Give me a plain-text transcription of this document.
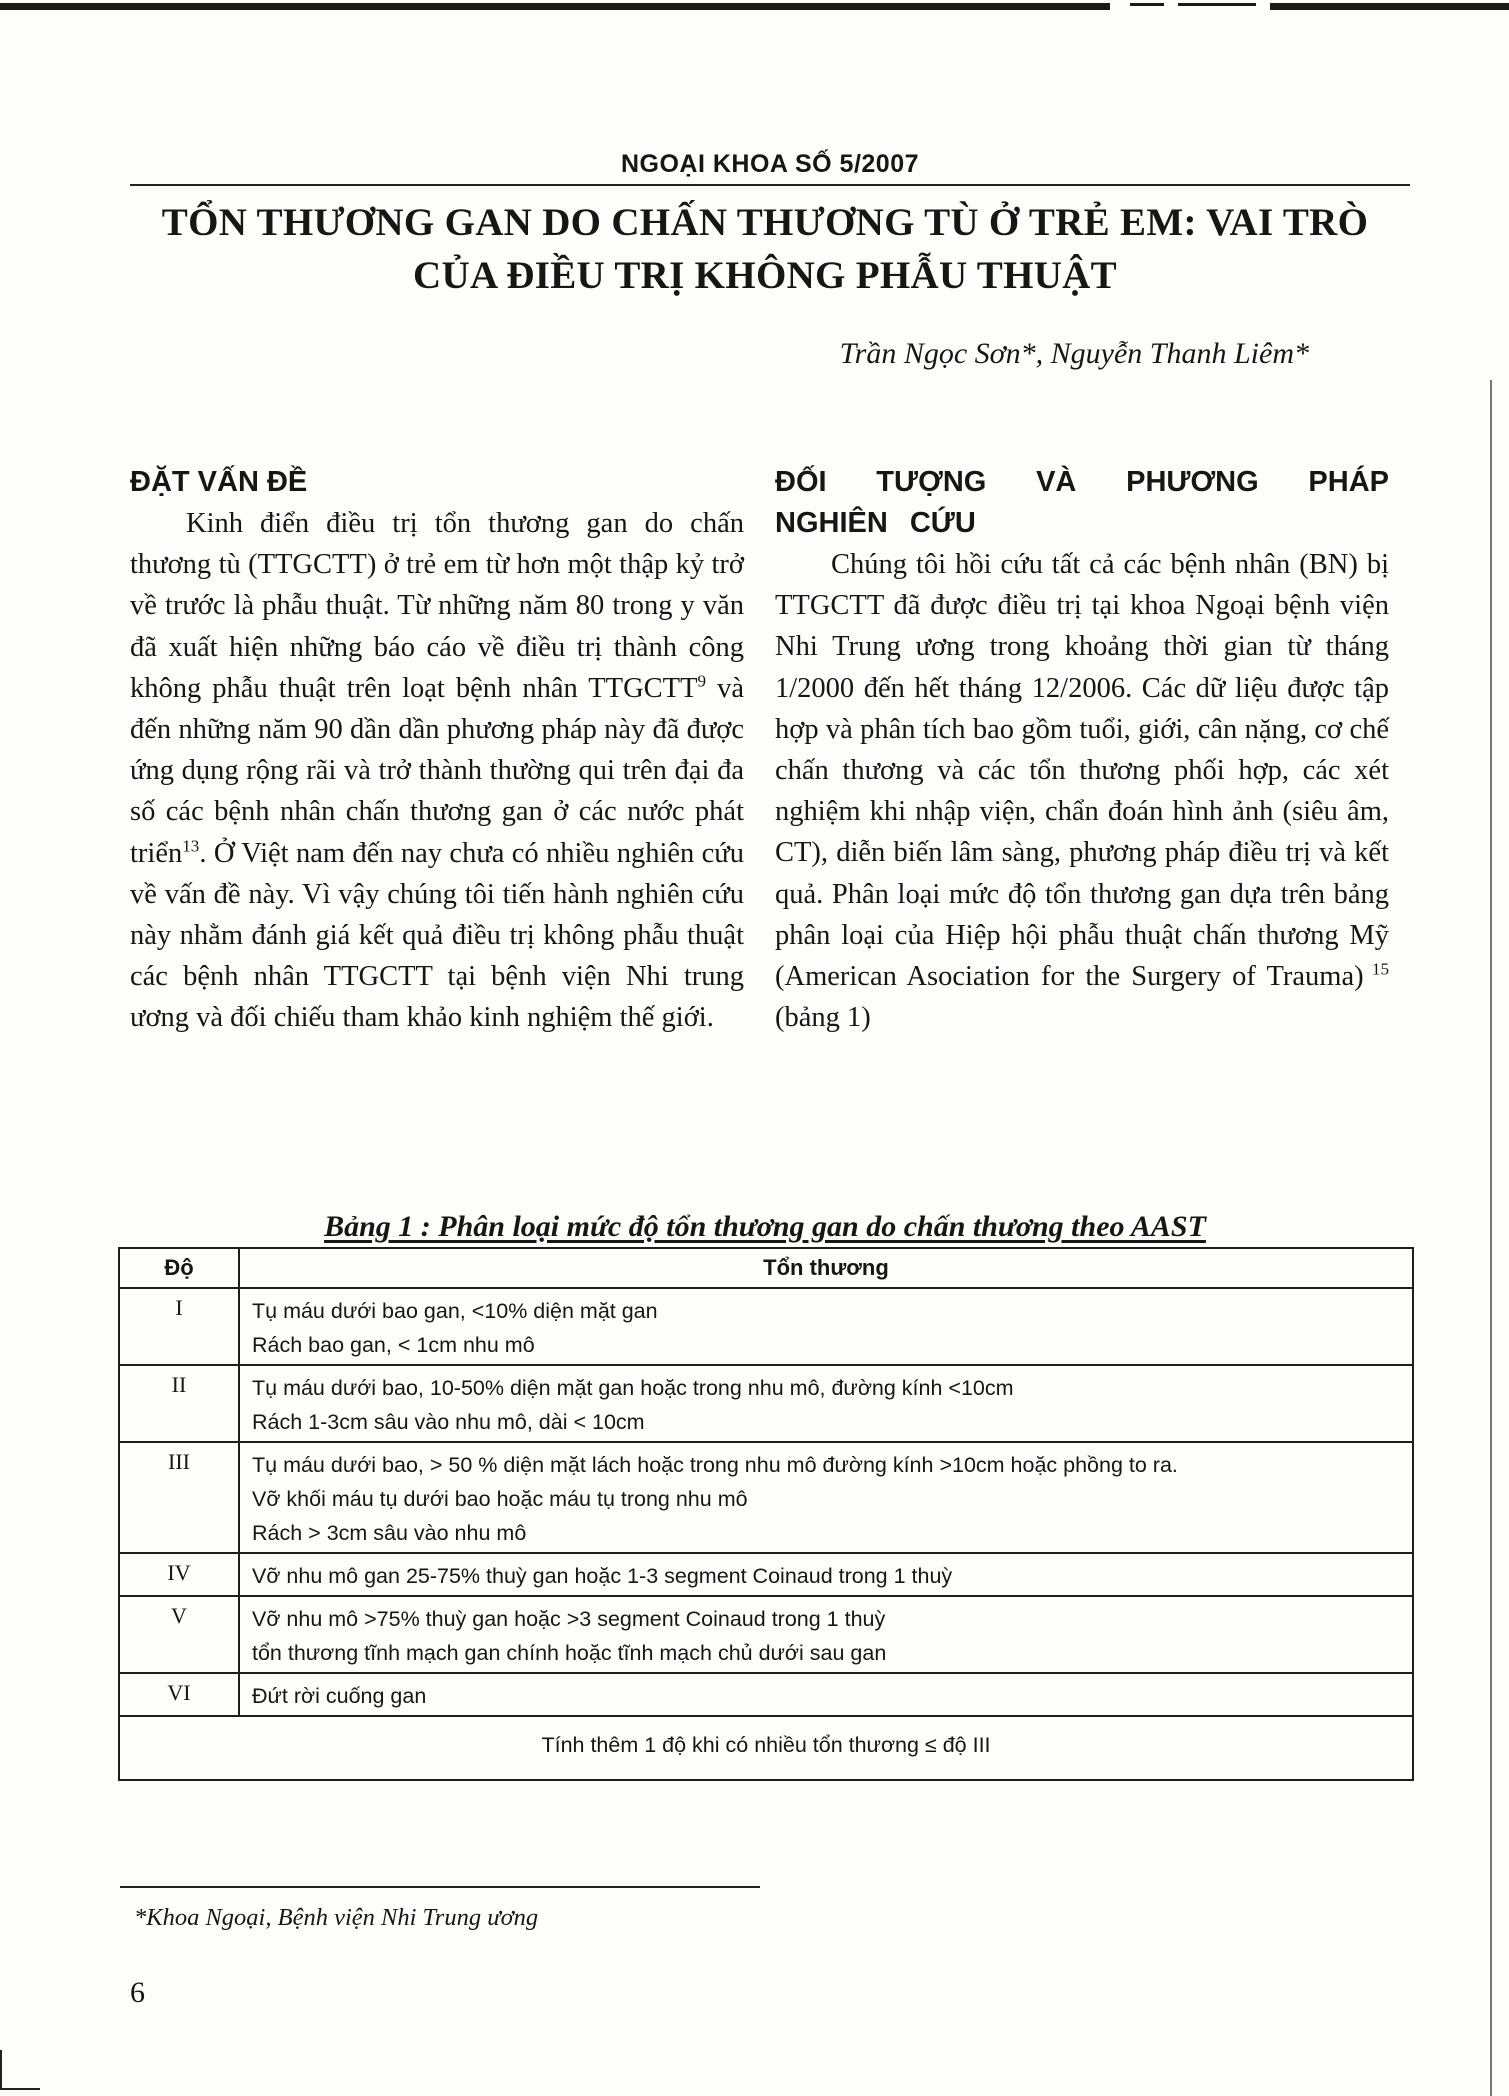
NGOẠI KHOA SỐ 5/2007
TỔN THƯƠNG GAN DO CHẤN THƯƠNG TÙ Ở TRẺ EM: VAI TRÒ
CỦA ĐIỀU TRỊ KHÔNG PHẪU THUẬT
Trần Ngọc Sơn*, Nguyễn Thanh Liêm*
ĐẶT VẤN ĐỀ

Kinh điển điều trị tổn thương gan do chấn thương tù (TTGCTT) ở trẻ em từ hơn một thập kỷ trở về trước là phẫu thuật. Từ những năm 80 trong y văn đã xuất hiện những báo cáo về điều trị thành công không phẫu thuật trên loạt bệnh nhân TTGCTT$^9$ và đến những năm 90 dần dần phương pháp này đã được ứng dụng rộng rãi và trở thành thường qui trên đại đa số các bệnh nhân chấn thương gan ở các nước phát triển$^{13}$. Ở Việt nam đến nay chưa có nhiều nghiên cứu về vấn đề này. Vì vậy chúng tôi tiến hành nghiên cứu này nhằm đánh giá kết quả điều trị không phẫu thuật các bệnh nhân TTGCTT tại bệnh viện Nhi trung ương và đối chiếu tham khảo kinh nghiệm thế giới.

ĐỐI TƯỢNG VÀ PHƯƠNG PHÁP NGHIÊN CỨU

Chúng tôi hồi cứu tất cả các bệnh nhân (BN) bị TTGCTT đã được điều trị tại khoa Ngoại bệnh viện Nhi Trung ương trong khoảng thời gian từ tháng 1/2000 đến hết tháng 12/2006. Các dữ liệu được tập hợp và phân tích bao gồm tuổi, giới, cân nặng, cơ chế chấn thương và các tổn thương phối hợp, các xét nghiệm khi nhập viện, chẩn đoán hình ảnh (siêu âm, CT), diễn biến lâm sàng, phương pháp điều trị và kết quả. Phân loại mức độ tổn thương gan dựa trên bảng phân loại của Hiệp hội phẫu thuật chấn thương Mỹ (American Asociation for the Surgery of Trauma) $^{15}$ (bảng 1)

Bảng 1 : Phân loại mức độ tổn thương gan do chấn thương theo AAST
Độ	Tổn thương
I	Tụ máu dưới bao gan, <10% diện mặt gan
Rách bao gan, < 1cm nhu mô

II	Tụ máu dưới bao, 10-50% diện mặt gan hoặc trong nhu mô, đường kính <10cm
Rách 1-3cm sâu vào nhu mô, dài < 10cm

III	Tụ máu dưới bao, > 50 % diện mặt lách hoặc trong nhu mô đường kính >10cm hoặc phồng to ra.
Vỡ khối máu tụ dưới bao hoặc máu tụ trong nhu mô
Rách > 3cm sâu vào nhu mô

IV	Vỡ nhu mô gan 25-75% thuỳ gan hoặc 1-3 segment Coinaud trong 1 thuỳ

V	Vỡ nhu mô >75% thuỳ gan hoặc >3 segment Coinaud trong 1 thuỳ
tổn thương tĩnh mạch gan chính hoặc tĩnh mạch chủ dưới sau gan

VI	Đứt rời cuống gan

Tính thêm 1 độ khi có nhiều tổn thương ≤ độ III	
*Khoa Ngoại, Bệnh viện Nhi Trung ương
6
